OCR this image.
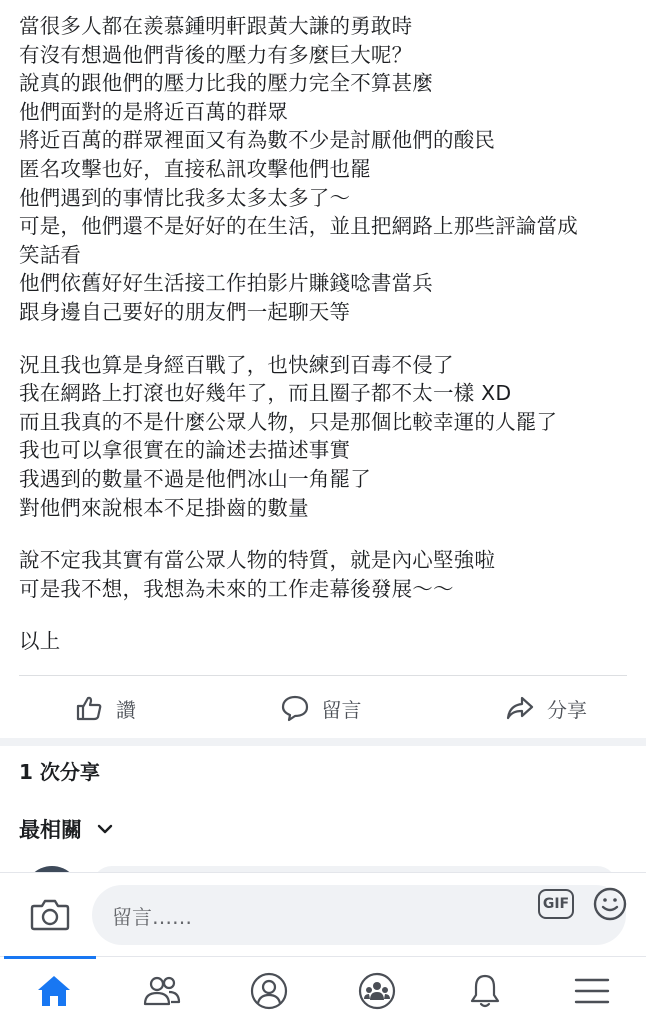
當很多人都在羨慕鍾明軒跟黃大謙的勇敢時
有沒有想過他們背後的壓力有多麼巨大呢？
說真的跟他們的壓力比我的壓力完全不算甚麼
他們面對的是將近百萬的群眾
將近百萬的群眾裡面又有為數不少是討厭他們的酸民
匿名攻擊也好，直接私訊攻擊他們也罷
他們遇到的事情比我多太多太多了～
可是，他們還不是好好的在生活，並且把網路上那些評論當成
笑話看
他們依舊好好生活接工作拍影片賺錢唸書當兵
跟身邊自己要好的朋友們一起聊天等
況且我也算是身經百戰了，也快練到百毒不侵了
我在網路上打滾也好幾年了，而且圈子都不太一樣 XD
而且我真的不是什麼公眾人物，只是那個比較幸運的人罷了
我也可以拿很實在的論述去描述事實
我遇到的數量不過是他們冰山一角罷了
對他們來說根本不足掛齒的數量
說不定我其實有當公眾人物的特質，就是內心堅強啦
可是我不想，我想為未來的工作走幕後發展～～
以上
讚	留言	分享
1 次分享
最相關
留言……
GIF
